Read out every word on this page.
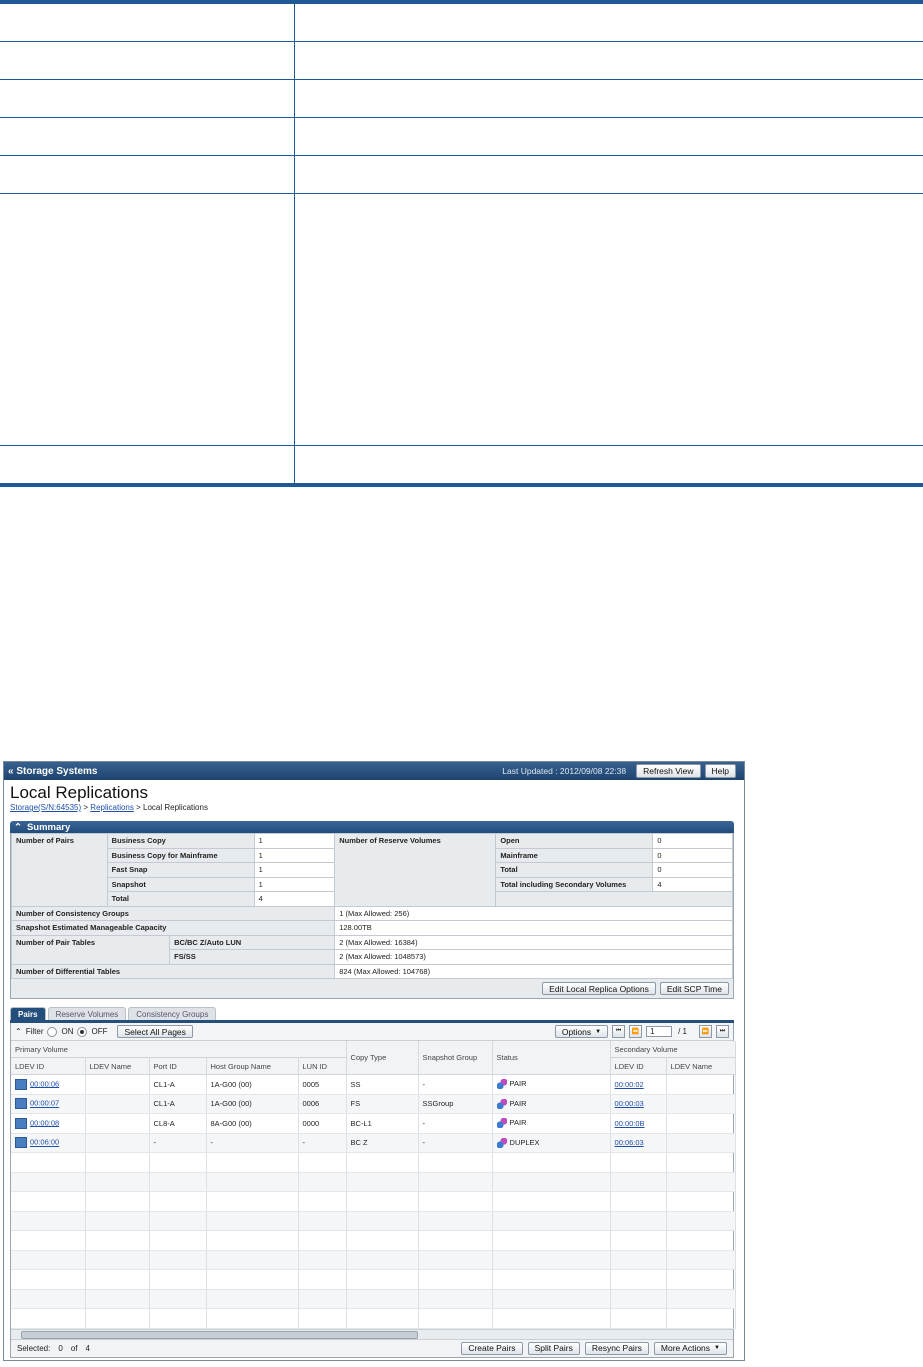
« Storage Systems	Last Updated : 2012/09/08 22:38	Refresh View	Help
Local Replications
Storage(S/N:64535) > Replications > Local Replications
⌃ Summary
Number of Pairs	Business Copy		1	Number of Reserve Volumes	Open	0
	Business Copy for Mainframe		1		Mainframe	0
	Fast Snap		1		Total	0
	Snapshot		1		Total including Secondary Volumes	4
	Total		4			
Number of Consistency Groups				1 (Max Allowed: 256)		
Snapshot Estimated Manageable Capacity				128.00TB		
Number of Pair Tables		BC/BC Z/Auto LUN		2 (Max Allowed: 16384)		
		FS/SS		2 (Max Allowed: 1048573)		
Number of Differential Tables				824 (Max Allowed: 104768)		
Edit Local Replica Options	Edit SCP Time
Pairs	Reserve Volumes	Consistency Groups
⌃ Filter ON OFF	Select All Pages	Options ▼	⏮	⏪	1	/ 1	⏩	⏭
Primary Volume					Copy Type	Snapshot Group	Status	Secondary Volume	
LDEV ID	LDEV Name	Port ID	Host Group Name	LUN ID				LDEV ID	LDEV Name
00:00:06		CL1-A	1A-G00 (00)	0005	SS	-	PAIR	00:00:02	
00:00:07		CL1-A	1A-G00 (00)	0006	FS	SSGroup	PAIR	00:00:03	
00:00:08		CL8-A	8A-G00 (00)	0000	BC-L1	-	PAIR	00:00:0B	
00:06:00		-	-	-	BC Z	-	DUPLEX	00:06:03	

Selected: 0 of 4	Create Pairs	Split Pairs	Resync Pairs	More Actions ▼
